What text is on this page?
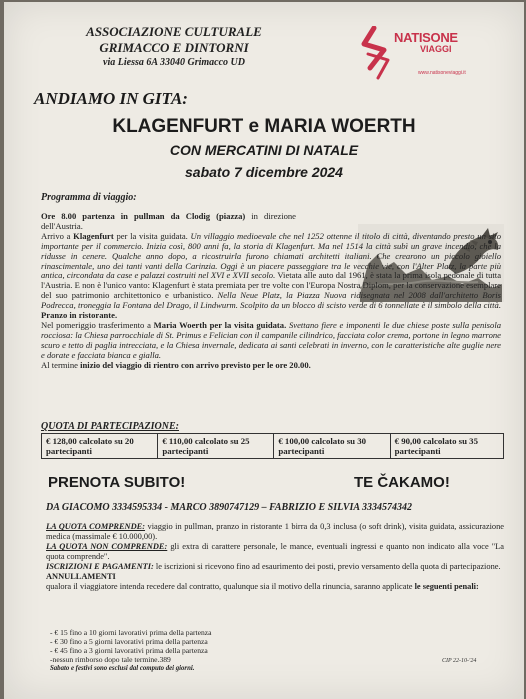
ASSOCIAZIONE CULTURALE
GRIMACCO E DINTORNI
via Liessa 6A 33040 Grimacco UD
NATISONE
VIAGGI
www.natisoneviaggi.it
ANDIAMO IN GITA:
KLAGENFURT e MARIA WOERTH
CON MERCATINI DI NATALE
sabato 7 dicembre 2024
Programma di viaggio:

Ore 8.00 partenza in pullman da Clodig (piazza) in direzione dell'Austria.

Arrivo a Klagenfurt per la visita guidata. Un villaggio medioevale che nel 1252 ottenne il titolo di città, diventando presto un sito importante per il commercio. Inizia così, 800 anni fa, la storia di Klagenfurt. Ma nel 1514 la città subì un grave incendio, che la ridusse in cenere. Qualche anno dopo, a ricostruirla furono chiamati architetti italiani. Che crearono un piccolo gioiello rinascimentale, uno dei tanti vanti della Carinzia. Oggi è un piacere passeggiare tra le vecchie vie, con l'Alter Platz, la parte più antica, circondata da case e palazzi costruiti nel XVI e XVII secolo. Vietata alle auto dal 1961, è stata la prima isola pedonale di tutta l'Austria. E non è l'unico vanto: Klagenfurt è stata premiata per tre volte con l'Europa Nostra Diplom, per la conservazione esemplare del suo patrimonio architettonico e urbanistico. Nella Neue Platz, la Piazza Nuova ridisegnata nel 2008 dall'architetto Boris Podrecca, troneggia la Fontana del Drago, il Lindwurm. Scolpito da un blocco di scisto verde di 6 tonnellate è il simbolo della città. Pranzo in ristorante.

Nel pomeriggio trasferimento a Maria Woerth per la visita guidata. Svettano fiere e imponenti le due chiese poste sulla penisola rocciosa: la Chiesa parrocchiale di St. Primus e Felician con il campanile cilindrico, facciata color crema, portone in legno marrone scuro e tetto di paglia intrecciata, e la Chiesa invernale, dedicata ai santi celebrati in inverno, con le caratteristiche alte guglie nere e dorate e facciata bianca e gialla.

Al termine inizio del viaggio di rientro con arrivo previsto per le ore 20.00.

QUOTA DI PARTECIPAZIONE:
€ 128,00 calcolato su 20 partecipanti	€ 110,00 calcolato su 25 partecipanti	€ 100,00 calcolato su 30 partecipanti	€ 90,00 calcolato su 35 partecipanti
PRENOTA SUBITO!	TE ČAKAMO!
DA GIACOMO 3334595334 - MARCO 3890747129 – FABRIZIO E SILVIA 3334574342

LA QUOTA COMPRENDE: viaggio in pullman, pranzo in ristorante 1 birra da 0,3 inclusa (o soft drink), visita guidata, assicurazione medica (massimale € 10.000,00).

LA QUOTA NON COMPRENDE: gli extra di carattere personale, le mance, eventuali ingressi e quanto non indicato alla voce "La quota comprende".

ISCRIZIONI E PAGAMENTI: le iscrizioni si ricevono fino ad esaurimento dei posti, previo versamento della quota di partecipazione.

ANNULLAMENTI
qualora il viaggiatore intenda recedere dal contratto, qualunque sia il motivo della rinuncia, saranno applicate le seguenti penali:

- € 15 fino a 10 giorni lavorativi prima della partenza
- € 30 fino a 5 giorni lavorativi prima della partenza
- € 45 fino a 3 giorni lavorativi prima della partenza
-nessun rimborso dopo tale termine.389
Sabato e festivi sono esclusi dal computo dei giorni.
CIP 22-10-'24
